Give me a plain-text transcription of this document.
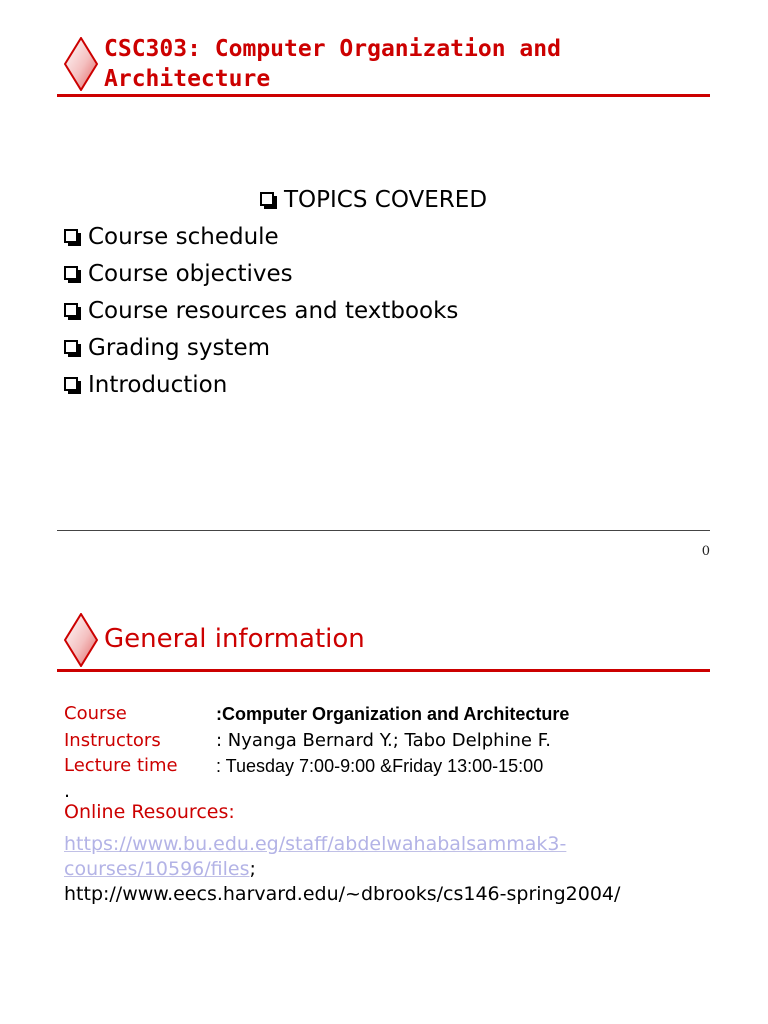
CSC303: Computer Organization and
Architecture
TOPICS COVERED
Course schedule
Course objectives
Course resources and textbooks
Grading system
Introduction
0
General information
Course	:Computer Organization and Architecture
Instructors	: Nyanga Bernard Y.; Tabo Delphine F.
Lecture time : Tuesday 7:00-9:00 &Friday 13:00-15:00
.
Online Resources:
https://www.bu.edu.eg/staff/abdelwahabalsammak3-
courses/10596/files;
http://www.eecs.harvard.edu/~dbrooks/cs146-spring2004/
